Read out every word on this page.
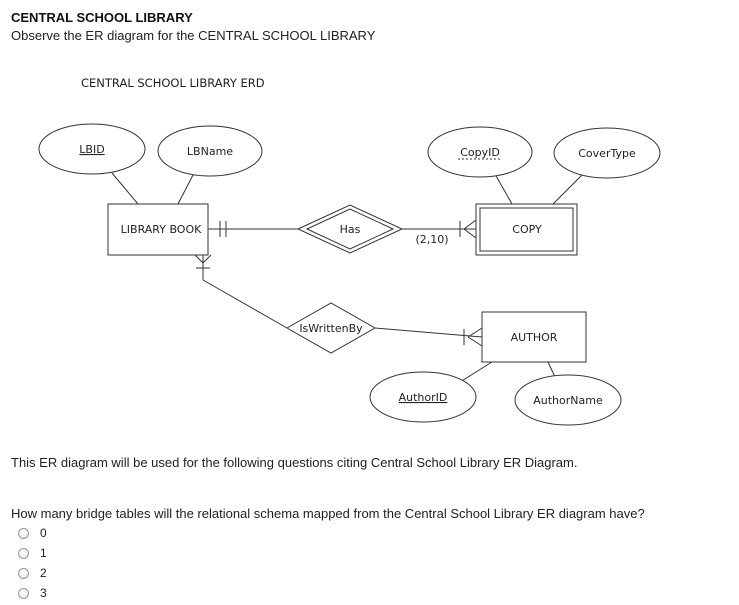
CENTRAL SCHOOL LIBRARY
Observe the ER diagram for the CENTRAL SCHOOL LIBRARY
CENTRAL SCHOOL LIBRARY ERD
LBID	LBName	CopyID	CoverType
AuthorID	AuthorName
LIBRARY BOOK	COPY
AUTHOR
Has
IsWrittenBy
(2,10)
This ER diagram will be used for the following questions citing Central School Library ER Diagram.
How many bridge tables will the relational schema mapped from the Central School Library ER diagram have?
0
1
2
3
